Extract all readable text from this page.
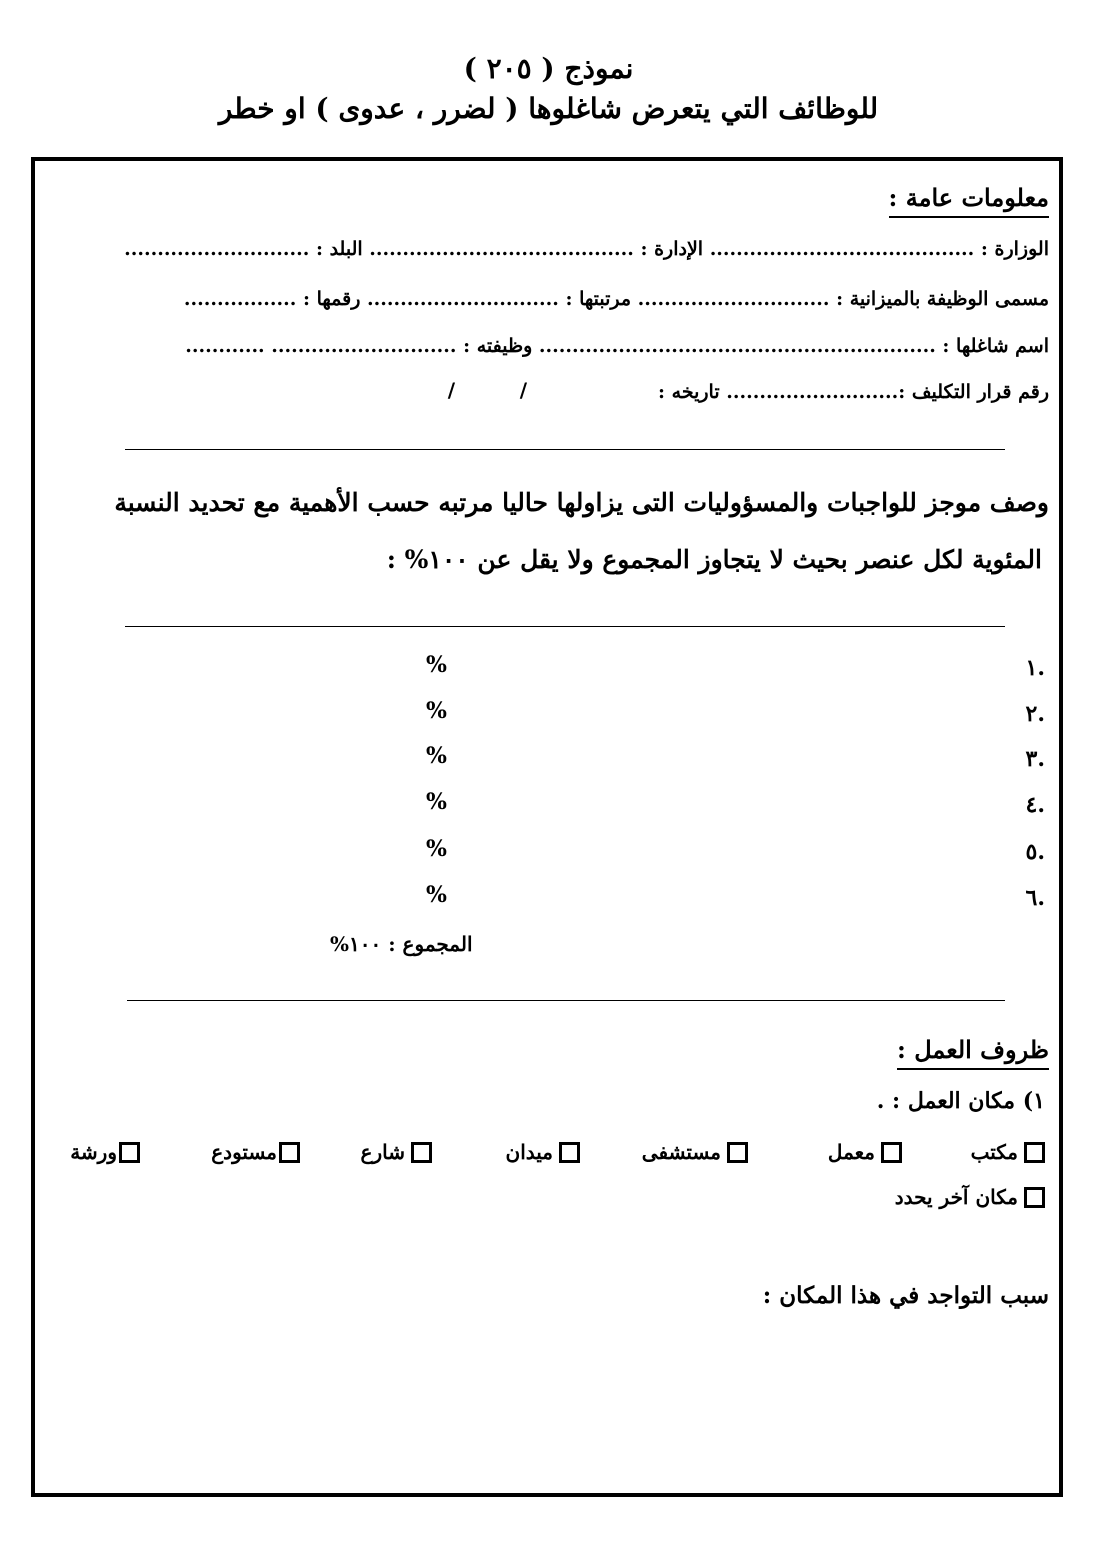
نموذج ( ٢٠٥ )
للوظائف التي يتعرض شاغلوها ( لضرر ، عدوى ) او خطر
معلومات عامة :
الوزارة : ........................................ الإدارة : ........................................ البلد : ............................
مسمى الوظيفة بالميزانية : ............................. مرتبتها : ............................. رقمها : .................
اسم شاغلها : ............................................................ وظيفته : ............................ ............
رقم قرار التكليف :.......................... تاريخه :
/
/
وصف موجز للواجبات والمسؤوليات التى يزاولها حاليا مرتبه حسب الأهمية مع تحديد النسبة
المئوية لكل عنصر بحيث لا يتجاوز المجموع ولا يقل عن ١٠٠% :
.١
%
.٢
%
.٣
%
.٤
%
.٥
%
.٦
%
المجموع : ١٠٠%
ظروف العمل :
١) مكان العمل : .
مكتب
معمل
مستشفى
ميدان
شارع
مستودع
ورشة
مكان آخر يحدد
سبب التواجد في هذا المكان :
